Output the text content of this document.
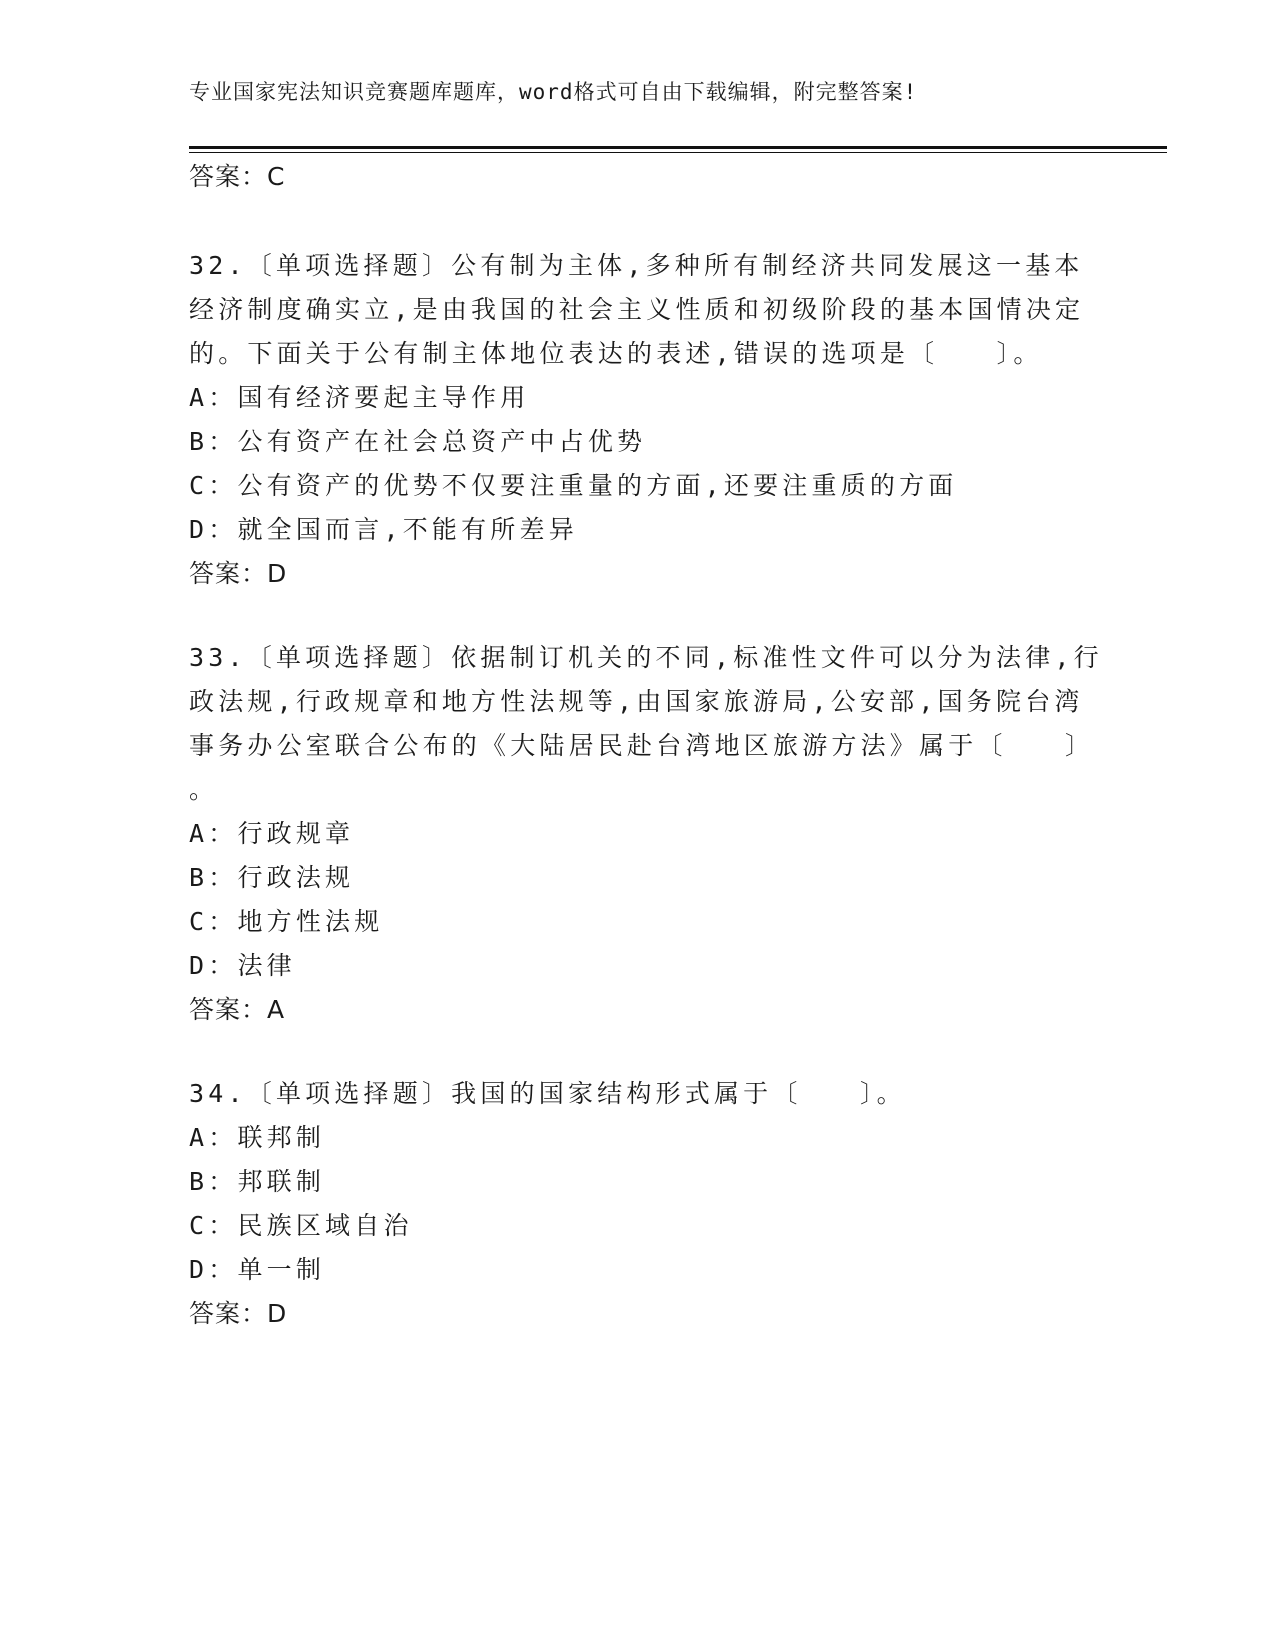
专业国家宪法知识竞赛题库题库，word格式可自由下载编辑，附完整答案!
答案：C
32.〔单项选择题〕公有制为主体,多种所有制经济共同发展这一基本
经济制度确实立,是由我国的社会主义性质和初级阶段的基本国情决定
的。下面关于公有制主体地位表达的表述,错误的选项是〔　　〕。
A：国有经济要起主导作用
B：公有资产在社会总资产中占优势
C：公有资产的优势不仅要注重量的方面,还要注重质的方面
D：就全国而言,不能有所差异
答案：D
33.〔单项选择题〕依据制订机关的不同,标准性文件可以分为法律,行
政法规,行政规章和地方性法规等,由国家旅游局,公安部,国务院台湾
事务办公室联合公布的《大陆居民赴台湾地区旅游方法》属于〔　　〕
。
A：行政规章
B：行政法规
C：地方性法规
D：法律
答案：A
34.〔单项选择题〕我国的国家结构形式属于〔　　〕。
A：联邦制
B：邦联制
C：民族区域自治
D：单一制
答案：D
